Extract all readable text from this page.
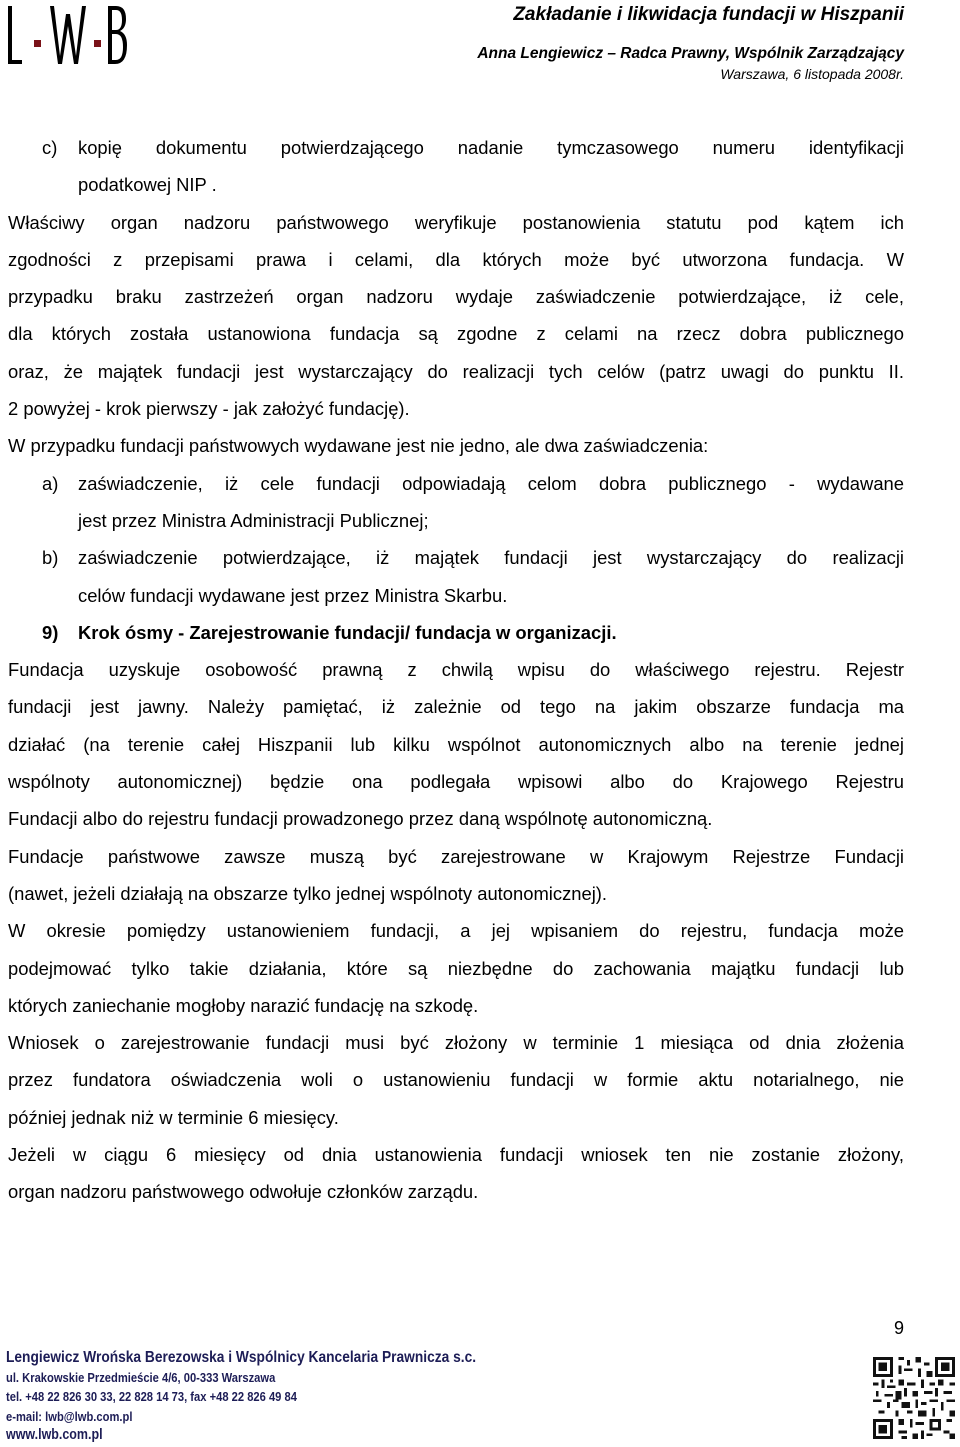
Zakładanie i likwidacja fundacji w Hiszpanii
Anna Lengiewicz – Radca Prawny, Wspólnik Zarządzający
Warszawa, 6 listopada 2008r.
c)	kopię dokumentu potwierdzającego nadanie tymczasowego numeru identyfikacji

podatkowej NIP .

Właściwy organ nadzoru państwowego weryfikuje postanowienia statutu pod kątem ich

zgodności z przepisami prawa i celami, dla których może być utworzona fundacja. W

przypadku braku zastrzeżeń organ nadzoru wydaje zaświadczenie potwierdzające, iż cele,

dla których została ustanowiona fundacja są zgodne z celami na rzecz dobra publicznego

oraz, że majątek fundacji jest wystarczający do realizacji tych celów (patrz uwagi do punktu II.

2 powyżej - krok pierwszy - jak założyć fundację).

W przypadku fundacji państwowych wydawane jest nie jedno, ale dwa zaświadczenia:

a)	zaświadczenie, iż cele fundacji odpowiadają celom dobra publicznego - wydawane

jest przez Ministra Administracji Publicznej;

b)	zaświadczenie potwierdzające, iż majątek fundacji jest wystarczający do realizacji

celów fundacji wydawane jest przez Ministra Skarbu.

9)	Krok ósmy - Zarejestrowanie fundacji/ fundacja w organizacji.

Fundacja uzyskuje osobowość prawną z chwilą wpisu do właściwego rejestru. Rejestr

fundacji jest jawny. Należy pamiętać, iż zależnie od tego na jakim obszarze fundacja ma

działać (na terenie całej Hiszpanii lub kilku wspólnot autonomicznych albo na terenie jednej

wspólnoty autonomicznej) będzie ona podlegała wpisowi albo do Krajowego Rejestru

Fundacji albo do rejestru fundacji prowadzonego przez daną wspólnotę autonomiczną.

Fundacje państwowe zawsze muszą być zarejestrowane w Krajowym Rejestrze Fundacji

(nawet, jeżeli działają na obszarze tylko jednej wspólnoty autonomicznej).

W okresie pomiędzy ustanowieniem fundacji, a jej wpisaniem do rejestru, fundacja może

podejmować tylko takie działania, które są niezbędne do zachowania majątku fundacji lub

których zaniechanie mogłoby narazić fundację na szkodę.

Wniosek o zarejestrowanie fundacji musi być złożony w terminie 1 miesiąca od dnia złożenia

przez fundatora oświadczenia woli o ustanowieniu fundacji w formie aktu notarialnego, nie

później jednak niż w terminie 6 miesięcy.

Jeżeli w ciągu 6 miesięcy od dnia ustanowienia fundacji wniosek ten nie zostanie złożony,

organ nadzoru państwowego odwołuje członków zarządu.

9
Lengiewicz Wrońska Berezowska i Wspólnicy Kancelaria Prawnicza s.c.
ul. Krakowskie Przedmieście 4/6, 00-333 Warszawa
tel. +48 22 826 30 33, 22 828 14 73, fax +48 22 826 49 84
e-mail: lwb@lwb.com.pl
www.lwb.com.pl
